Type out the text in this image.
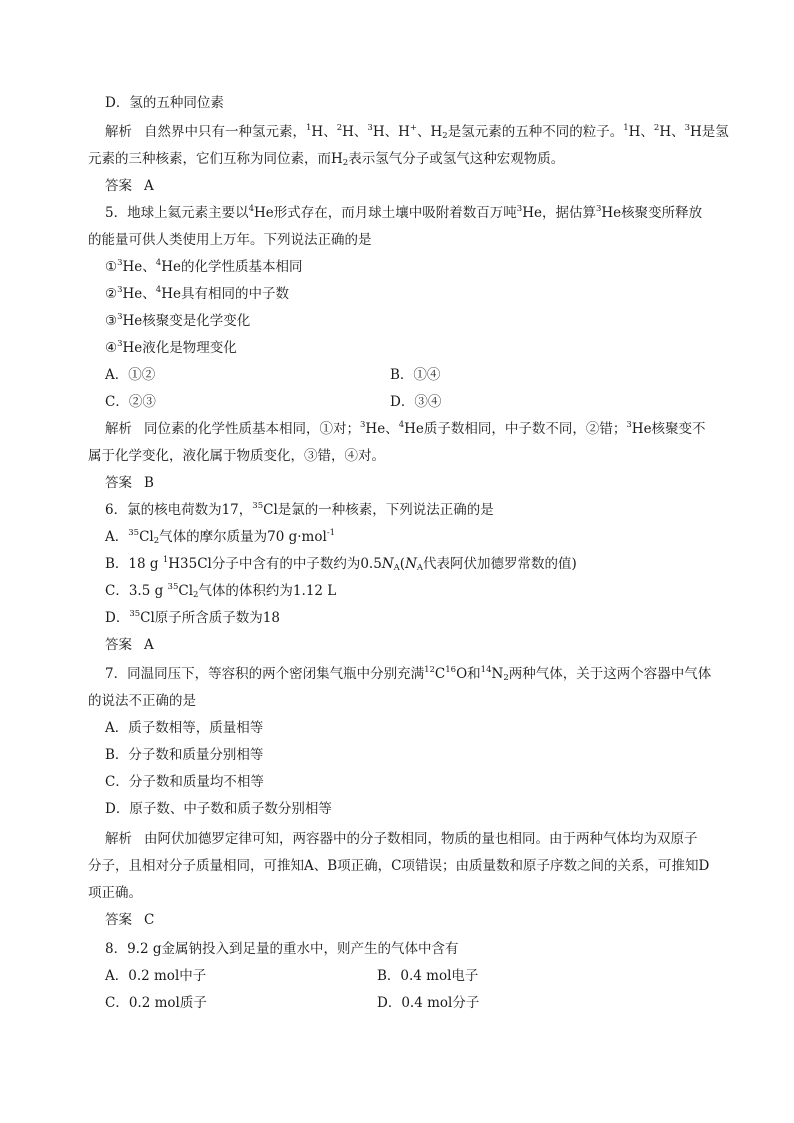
D．氢的五种同位素
解析 自然界中只有一种氢元素，$^1$H、$^2$H、$^3$H、H+、$H_2$是氢元素的五种不同的粒子。$^1$H、$^2$H、$^3$H是氢
元素的三种核素，它们互称为同位素，而$H_2$表示氢气分子或氢气这种宏观物质。
答案 A
5．地球上氦元素主要以$^4$He形式存在，而月球土壤中吸附着数百万吨$^3$He，据估算$^3$He核聚变所释放
的能量可供人类使用上万年。下列说法正确的是
①$^3$He、$^4$He的化学性质基本相同
②$^3$He、$^4$He具有相同的中子数
③$^3$He核聚变是化学变化
④$^3$He液化是物理变化
A．①②	B．①④
C．②③	D．③④
解析 同位素的化学性质基本相同，①对；$^3$He、$^4$He质子数相同，中子数不同，②错；$^3$He核聚变不
属于化学变化，液化属于物质变化，③错，④对。
答案 B
6．氯的核电荷数为17，$^{35}$Cl是氯的一种核素，下列说法正确的是
A．$^{35}Cl_2$气体的摩尔质量为70 g·mol$^{-1}$
B．18 g $^1$H35Cl分子中含有的中子数约为$0.5N_A(N_A$代表阿伏加德罗常数的值)
C．3.5 g $^{35}Cl_2$气体的体积约为1.12 L
D．$^{35}$Cl原子所含质子数为18
答案 A
7．同温同压下，等容积的两个密闭集气瓶中分别充满$^{12}C^{16}O$和$^{14}N_2$两种气体，关于这两个容器中气体
的说法不正确的是
A．质子数相等，质量相等
B．分子数和质量分别相等
C．分子数和质量均不相等
D．原子数、中子数和质子数分别相等
解析 由阿伏加德罗定律可知，两容器中的分子数相同，物质的量也相同。由于两种气体均为双原子
分子，且相对分子质量相同，可推知A、B项正确，C项错误；由质量数和原子序数之间的关系，可推知D
项正确。
答案 C
8．9.2 g金属钠投入到足量的重水中，则产生的气体中含有
A．0.2 mol中子	B．0.4 mol电子
C．0.2 mol质子	D．0.4 mol分子
